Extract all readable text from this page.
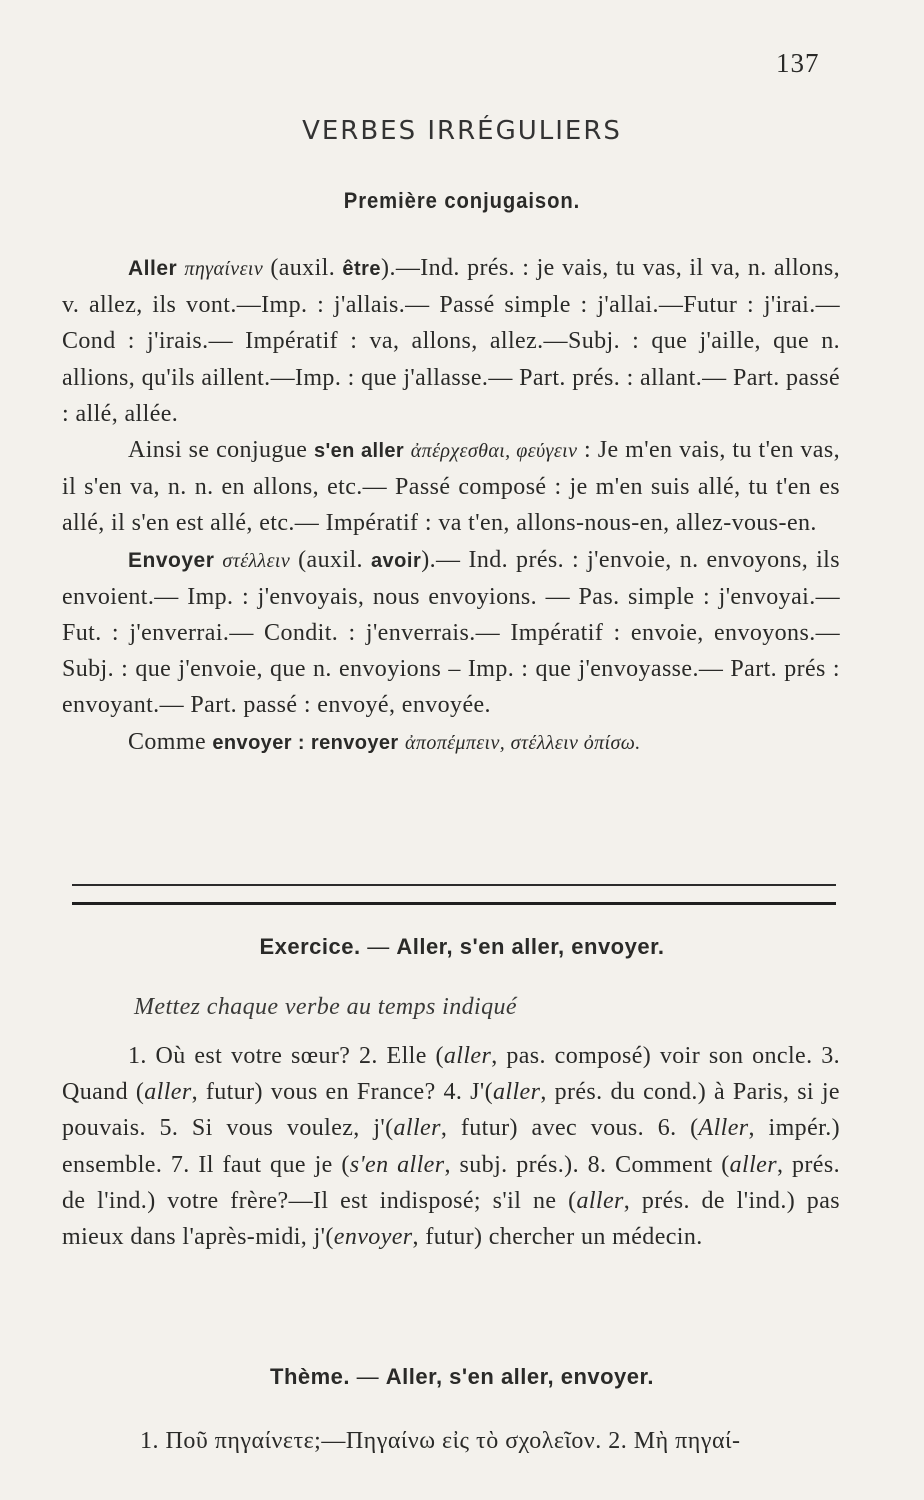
137
VERBES IRRÉGULIERS
Première conjugaison.

Aller πηγαίνειν (auxil. être).—Ind. prés. : je vais, tu vas, il va, n. allons, v. allez, ils vont.—Imp. : j'allais.— Passé simple : j'allai.—Futur : j'irai.— Cond : j'irais.— Impératif : va, allons, allez.—Subj. : que j'aille, que n. allions, qu'ils aillent.—Imp. : que j'allasse.— Part. prés. : allant.— Part. passé : allé, allée.

Ainsi se conjugue s'en aller ἀπέρχεσθαι, φεύγειν : Je m'en vais, tu t'en vas, il s'en va, n. n. en allons, etc.— Passé composé : je m'en suis allé, tu t'en es allé, il s'en est allé, etc.— Impératif : va t'en, allons-nous-en, allez-vous-en.

Envoyer στέλλειν (auxil. avoir).— Ind. prés. : j'envoie, n. envoyons, ils envoient.— Imp. : j'envoyais, nous envoyions. — Pas. simple : j'envoyai.— Fut. : j'enverrai.— Condit. : j'enverrais.— Impératif : envoie, envoyons.— Subj. : que j'envoie, que n. envoyions – Imp. : que j'envoyasse.— Part. prés : envoyant.— Part. passé : envoyé, envoyée.

Comme envoyer : renvoyer ἀποπέμπειν, στέλλειν ὀπίσω.

Exercice. — Aller, s'en aller, envoyer.
Mettez chaque verbe au temps indiqué

1. Où est votre sœur? 2. Elle (aller, pas. composé) voir son oncle. 3. Quand (aller, futur) vous en France? 4. J'(aller, prés. du cond.) à Paris, si je pouvais. 5. Si vous voulez, j'(aller, futur) avec vous. 6. (Aller, impér.) ensemble. 7. Il faut que je (s'en aller, subj. prés.). 8. Comment (aller, prés. de l'ind.) votre frère?—Il est indisposé; s'il ne (aller, prés. de l'ind.) pas mieux dans l'après-midi, j'(envoyer, futur) chercher un médecin.

Thème. — Aller, s'en aller, envoyer.
1. Ποῦ πηγαίνετε;—Πηγαίνω εἰς τὸ σχολεῖον. 2. Μὴ πηγαί-
